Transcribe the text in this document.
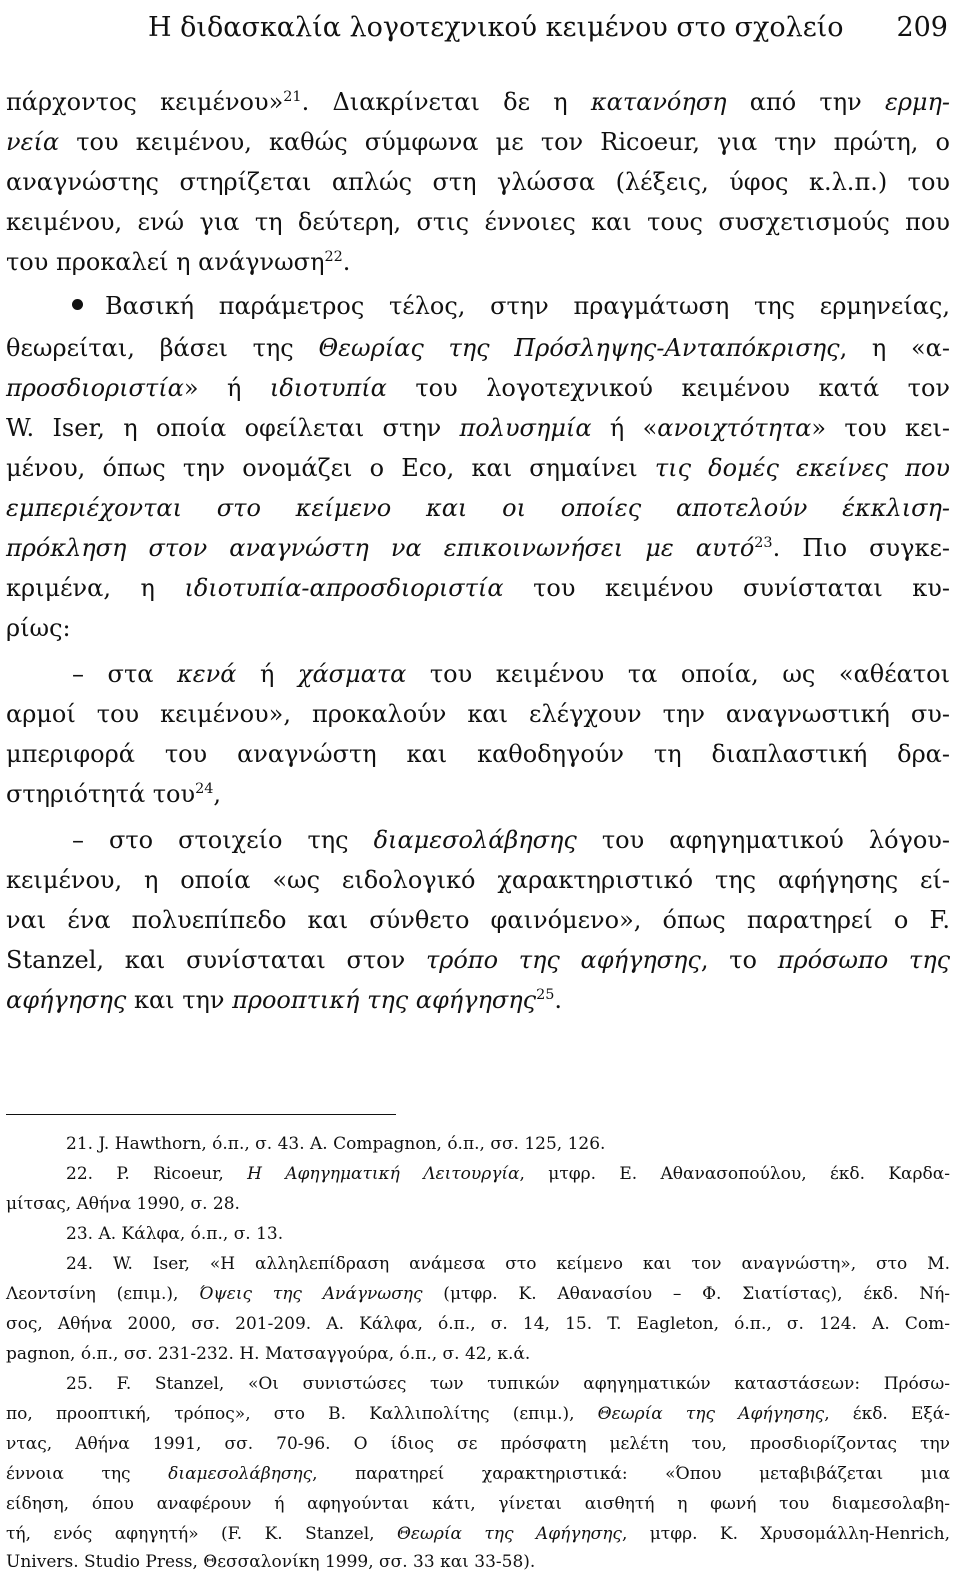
Η διδασκαλία λογοτεχνικού κειμένου στο σχολείο 209
πάρχοντος κειμένου»$^{21}$. Διακρίνεται δε η κατανόηση από την ερμη-
νεία του κειμένου, καθώς σύμφωνα με τον Ricoeur, για την πρώτη, ο
αναγνώστης στηρίζεται απλώς στη γλώσσα (λέξεις, ύφος κ.λ.π.) του
κειμένου, ενώ για τη δεύτερη, στις έννοιες και τους συσχετισμούς που
του προκαλεί η ανάγνωση$^{22}$.
Βασική παράμετρος τέλος, στην πραγμάτωση της ερμηνείας,
θεωρείται, βάσει της Θεωρίας της Πρόσληψης-Ανταπόκρισης, η «α-
προσδιοριστία» ή ιδιοτυπία του λογοτεχνικού κειμένου κατά τον
W. Iser, η οποία οφείλεται στην πολυσημία ή «ανοιχτότητα» του κει-
μένου, όπως την ονομάζει ο Eco, και σημαίνει τις δομές εκείνες που
εμπεριέχονται στο κείμενο και οι οποίες αποτελούν έκκλιση-
πρόκληση στον αναγνώστη να επικοινωνήσει με αυτό$^{23}$. Πιο συγκε-
κριμένα, η ιδιοτυπία-απροσδιοριστία του κειμένου συνίσταται κυ-
ρίως:
– στα κενά ή χάσματα του κειμένου τα οποία, ως «αθέατοι
αρμοί του κειμένου», προκαλούν και ελέγχουν την αναγνωστική συ-
μπεριφορά του αναγνώστη και καθοδηγούν τη διαπλαστική δρα-
στηριότητά του$^{24}$,
– στο στοιχείο της διαμεσολάβησης του αφηγηματικού λόγου-
κειμένου, η οποία «ως ειδολογικό χαρακτηριστικό της αφήγησης εί-
ναι ένα πολυεπίπεδο και σύνθετο φαινόμενο», όπως παρατηρεί ο F.
Stanzel, και συνίσταται στον τρόπο της αφήγησης, το πρόσωπο της
αφήγησης και την προοπτική της αφήγησης$^{25}$.
21. J. Hawthorn, ό.π., σ. 43. A. Compagnon, ό.π., σσ. 125, 126.
22. P. Ricoeur, Η Αφηγηματική Λειτουργία, μτφρ. Ε. Αθανασοπούλου, έκδ. Καρδα-
μίτσας, Αθήνα 1990, σ. 28.
23. Α. Κάλφα, ό.π., σ. 13.
24. W. Iser, «Η αλληλεπίδραση ανάμεσα στο κείμενο και τον αναγνώστη», στο Μ.
Λεοντσίνη (επιμ.), Όψεις της Ανάγνωσης (μτφρ. Κ. Αθανασίου – Φ. Σιατίστας), έκδ. Νή-
σος, Αθήνα 2000, σσ. 201-209. Α. Κάλφα, ό.π., σ. 14, 15. T. Eagleton, ό.π., σ. 124. A. Com-
pagnon, ό.π., σσ. 231-232. Η. Ματσαγγούρα, ό.π., σ. 42, κ.ά.
25. F. Stanzel, «Οι συνιστώσες των τυπικών αφηγηματικών καταστάσεων: Πρόσω-
πο, προοπτική, τρόπος», στο Β. Καλλιπολίτης (επιμ.), Θεωρία της Αφήγησης, έκδ. Εξά-
ντας, Αθήνα 1991, σσ. 70-96. Ο ίδιος σε πρόσφατη μελέτη του, προσδιορίζοντας την
έννοια της διαμεσολάβησης, παρατηρεί χαρακτηριστικά: «Όπου μεταβιβάζεται μια
είδηση, όπου αναφέρουν ή αφηγούνται κάτι, γίνεται αισθητή η φωνή του διαμεσολαβη-
τή, ενός αφηγητή» (F. K. Stanzel, Θεωρία της Αφήγησης, μτφρ. Κ. Χρυσομάλλη-Henrich,
Univers. Studio Press, Θεσσαλονίκη 1999, σσ. 33 και 33-58).
